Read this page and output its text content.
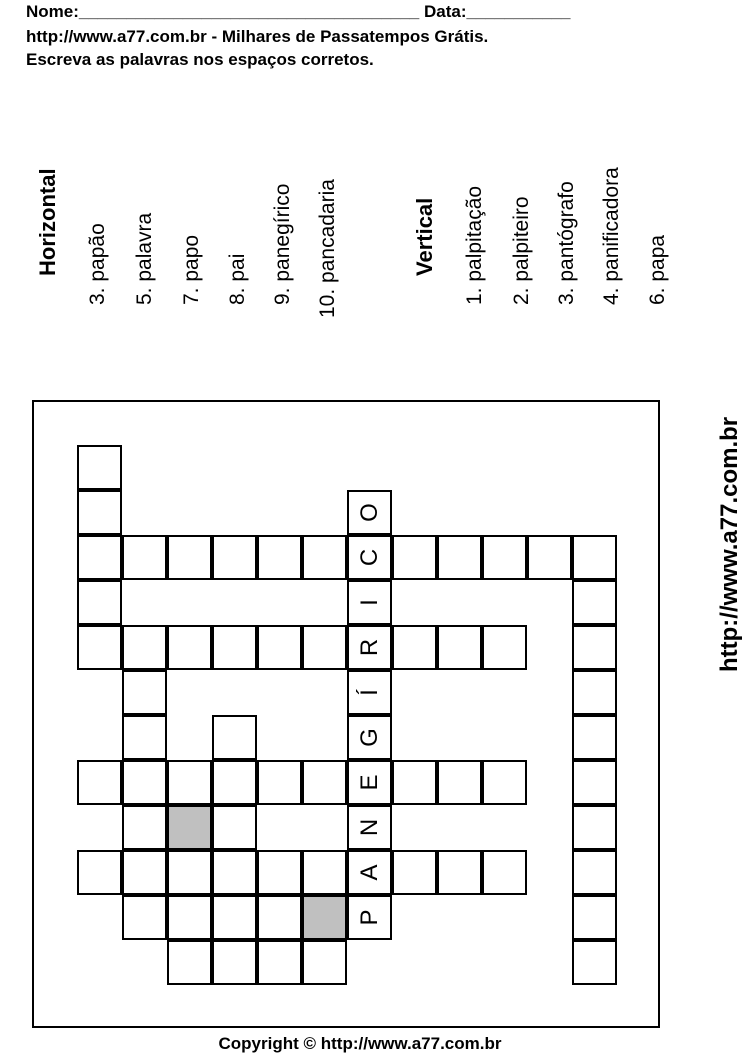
Nome:____________________________________ Data:___________
http://www.a77.com.br - Milhares de Passatempos Grátis.
Escreva as palavras nos espaços corretos.
Horizontal 3. papão 5. palavra 7. papo 8. pai 9. panegírico 10. pancadaria	Vertical 1. palpitação 2. palpiteiro 3. pantógrafo 4. panificadora 6. papa
P
A
N
E
G
Í
R
I
C
O	http://www.a77.com.br
Copyright © http://www.a77.com.br
